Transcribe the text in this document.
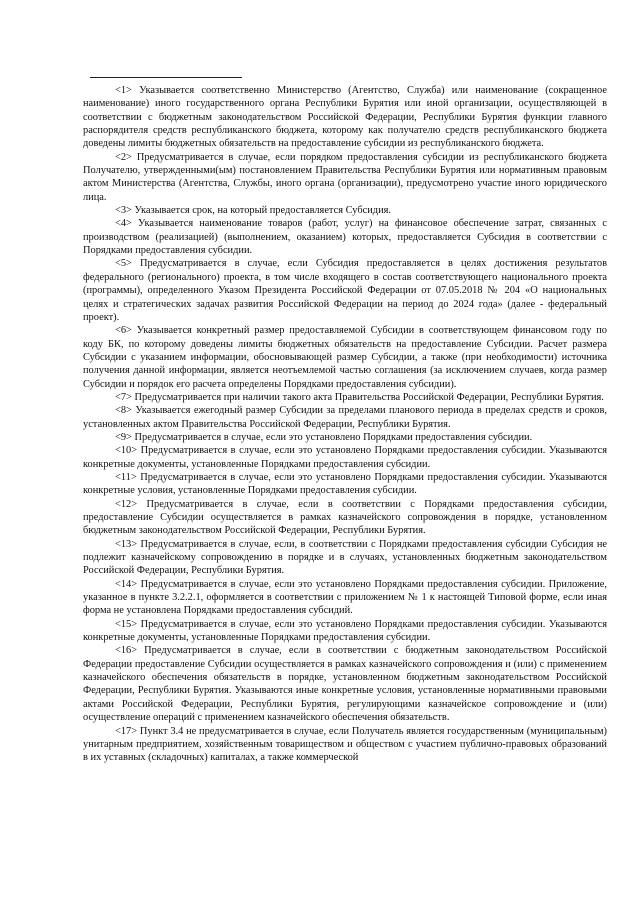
<1> Указывается соответственно Министерство (Агентство, Служба) или наименование (сокращенное наименование) иного государственного органа Республики Бурятия или иной организации, осуществляющей в соответствии с бюджетным законодательством Российской Федерации, Республики Бурятия функции главного распорядителя средств республиканского бюджета, которому как получателю средств республиканского бюджета доведены лимиты бюджетных обязательств на предоставление субсидии из республиканского бюджета.

<2> Предусматривается в случае, если порядком предоставления субсидии из республиканского бюджета Получателю, утвержденными(ым) постановлением Правительства Республики Бурятия или нормативным правовым актом Министерства (Агентства, Службы, иного органа (организации), предусмотрено участие иного юридического лица.

<3> Указывается срок, на который предоставляется Субсидия.

<4> Указывается наименование товаров (работ, услуг) на финансовое обеспечение затрат, связанных с производством (реализацией) (выполнением, оказанием) которых, предоставляется Субсидия в соответствии с Порядками предоставления субсидии.

<5> Предусматривается в случае, если Субсидия предоставляется в целях достижения результатов федерального (регионального) проекта, в том числе входящего в состав соответствующего национального проекта (программы), определенного Указом Президента Российской Федерации от 07.05.2018 № 204 «О национальных целях и стратегических задачах развития Российской Федерации на период до 2024 года» (далее - федеральный проект).

<6> Указывается конкретный размер предоставляемой Субсидии в соответствующем финансовом году по коду БК, по которому доведены лимиты бюджетных обязательств на предоставление Субсидии. Расчет размера Субсидии с указанием информации, обосновывающей размер Субсидии, а также (при необходимости) источника получения данной информации, является неотъемлемой частью соглашения (за исключением случаев, когда размер Субсидии и порядок его расчета определены Порядками предоставления субсидии).

<7> Предусматривается при наличии такого акта Правительства Российской Федерации, Республики Бурятия.

<8> Указывается ежегодный размер Субсидии за пределами планового периода в пределах средств и сроков, установленных актом Правительства Российской Федерации, Республики Бурятия.

<9> Предусматривается в случае, если это установлено Порядками предоставления субсидии.

<10> Предусматривается в случае, если это установлено Порядками предоставления субсидии. Указываются конкретные документы, установленные Порядками предоставления субсидии.

<11> Предусматривается в случае, если это установлено Порядками предоставления субсидии. Указываются конкретные условия, установленные Порядками предоставления субсидии.

<12> Предусматривается в случае, если в соответствии с Порядками предоставления субсидии, предоставление Субсидии осуществляется в рамках казначейского сопровождения в порядке, установленном бюджетным законодательством Российской Федерации, Республики Бурятия.

<13> Предусматривается в случае, если, в соответствии с Порядками предоставления субсидии Субсидия не подлежит казначейскому сопровождению в порядке и в случаях, установленных бюджетным законодательством Российской Федерации, Республики Бурятия.

<14> Предусматривается в случае, если это установлено Порядками предоставления субсидии. Приложение, указанное в пункте 3.2.2.1, оформляется в соответствии с приложением № 1 к настоящей Типовой форме, если иная форма не установлена Порядками предоставления субсидий.

<15> Предусматривается в случае, если это установлено Порядками предоставления субсидии. Указываются конкретные документы, установленные Порядками предоставления субсидии.

<16> Предусматривается в случае, если в соответствии с бюджетным законодательством Российской Федерации предоставление Субсидии осуществляется в рамках казначейского сопровождения и (или) с применением казначейского обеспечения обязательств в порядке, установленном бюджетным законодательством Российской Федерации, Республики Бурятия. Указываются иные конкретные условия, установленные нормативными правовыми актами Российской Федерации, Республики Бурятия, регулирующими казначейское сопровождение и (или) осуществление операций с применением казначейского обеспечения обязательств.

<17> Пункт 3.4 не предусматривается в случае, если Получатель является государственным (муниципальным) унитарным предприятием, хозяйственным товариществом и обществом с участием публично-правовых образований в их уставных (складочных) капиталах, а также коммерческой
